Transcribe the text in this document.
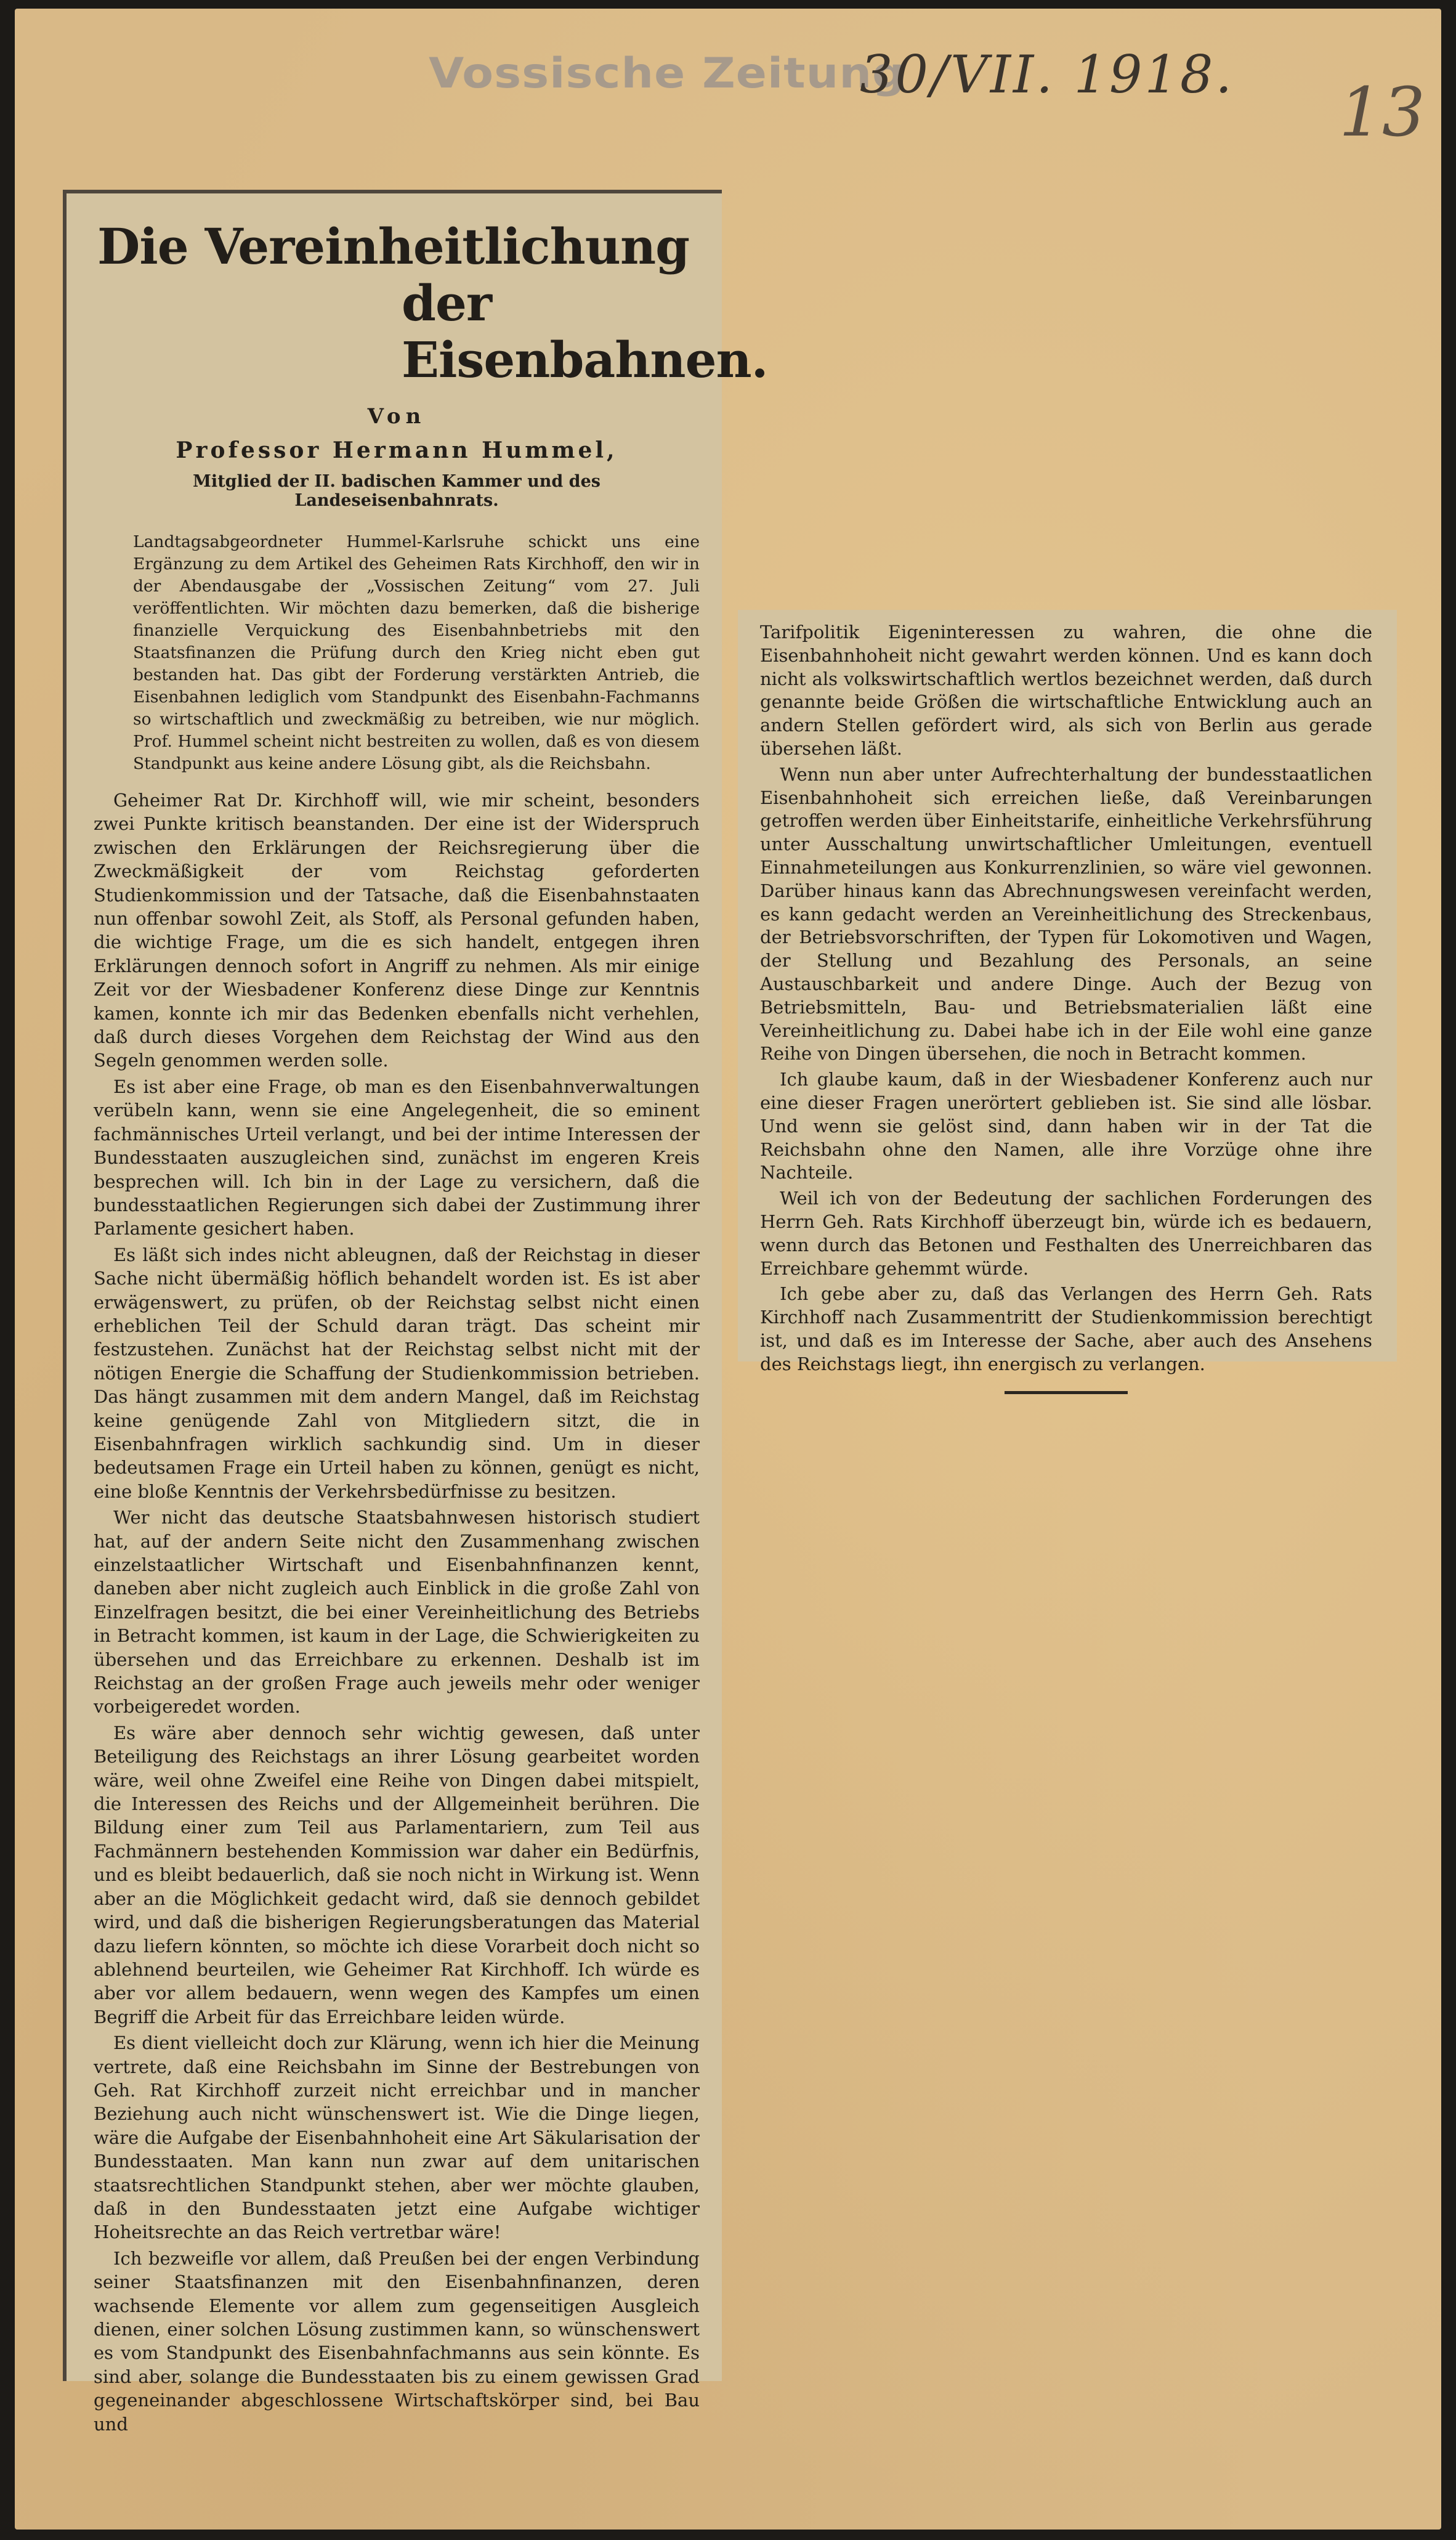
Vossische Zeitung
30/VII. 1918. 13
Die Vereinheitlichung
der Eisenbahnen.
Von
Professor Hermann Hummel,
Mitglied der II. badischen Kammer und des Landeseisenbahnrats.

Landtagsabgeordneter Hummel-Karlsruhe schickt uns eine Ergänzung zu dem Artikel des Geheimen Rats Kirchhoff, den wir in der Abendausgabe der „Vossischen Zeitung“ vom 27. Juli veröffentlichten. Wir möchten dazu bemerken, daß die bisherige finanzielle Verquickung des Eisenbahnbetriebs mit den Staatsfinanzen die Prüfung durch den Krieg nicht eben gut bestanden hat. Das gibt der Forderung verstärkten Antrieb, die Eisenbahnen lediglich vom Standpunkt des Eisenbahn-Fachmanns so wirtschaftlich und zweckmäßig zu betreiben, wie nur möglich. Prof. Hummel scheint nicht bestreiten zu wollen, daß es von diesem Standpunkt aus keine andere Lösung gibt, als die Reichsbahn.

Geheimer Rat Dr. Kirchhoff will, wie mir scheint, besonders zwei Punkte kritisch beanstanden. Der eine ist der Widerspruch zwischen den Erklärungen der Reichsregierung über die Zweckmäßigkeit der vom Reichstag geforderten Studienkommission und der Tatsache, daß die Eisenbahnstaaten nun offenbar sowohl Zeit, als Stoff, als Personal gefunden haben, die wichtige Frage, um die es sich handelt, entgegen ihren Erklärungen dennoch sofort in Angriff zu nehmen. Als mir einige Zeit vor der Wiesbadener Konferenz diese Dinge zur Kenntnis kamen, konnte ich mir das Bedenken ebenfalls nicht verhehlen, daß durch dieses Vorgehen dem Reichstag der Wind aus den Segeln genommen werden solle.

Es ist aber eine Frage, ob man es den Eisenbahnverwaltungen verübeln kann, wenn sie eine Angelegenheit, die so eminent fachmännisches Urteil verlangt, und bei der intime Interessen der Bundesstaaten auszugleichen sind, zunächst im engeren Kreis besprechen will. Ich bin in der Lage zu versichern, daß die bundesstaatlichen Regierungen sich dabei der Zustimmung ihrer Parlamente gesichert haben.

Es läßt sich indes nicht ableugnen, daß der Reichstag in dieser Sache nicht übermäßig höflich behandelt worden ist. Es ist aber erwägenswert, zu prüfen, ob der Reichstag selbst nicht einen erheblichen Teil der Schuld daran trägt. Das scheint mir festzustehen. Zunächst hat der Reichstag selbst nicht mit der nötigen Energie die Schaffung der Studienkommission betrieben. Das hängt zusammen mit dem andern Mangel, daß im Reichstag keine genügende Zahl von Mitgliedern sitzt, die in Eisenbahnfragen wirklich sachkundig sind. Um in dieser bedeutsamen Frage ein Urteil haben zu können, genügt es nicht, eine bloße Kenntnis der Verkehrsbedürfnisse zu besitzen.

Wer nicht das deutsche Staatsbahnwesen historisch studiert hat, auf der andern Seite nicht den Zusammenhang zwischen einzelstaatlicher Wirtschaft und Eisenbahnfinanzen kennt, daneben aber nicht zugleich auch Einblick in die große Zahl von Einzelfragen besitzt, die bei einer Vereinheitlichung des Betriebs in Betracht kommen, ist kaum in der Lage, die Schwierigkeiten zu übersehen und das Erreichbare zu erkennen. Deshalb ist im Reichstag an der großen Frage auch jeweils mehr oder weniger vorbeigeredet worden.

Es wäre aber dennoch sehr wichtig gewesen, daß unter Beteiligung des Reichstags an ihrer Lösung gearbeitet worden wäre, weil ohne Zweifel eine Reihe von Dingen dabei mitspielt, die Interessen des Reichs und der Allgemeinheit berühren. Die Bildung einer zum Teil aus Parlamentariern, zum Teil aus Fachmännern bestehenden Kommission war daher ein Bedürfnis, und es bleibt bedauerlich, daß sie noch nicht in Wirkung ist. Wenn aber an die Möglichkeit gedacht wird, daß sie dennoch gebildet wird, und daß die bisherigen Regierungsberatungen das Material dazu liefern könnten, so möchte ich diese Vorarbeit doch nicht so ablehnend beurteilen, wie Geheimer Rat Kirchhoff. Ich würde es aber vor allem bedauern, wenn wegen des Kampfes um einen Begriff die Arbeit für das Erreichbare leiden würde.

Es dient vielleicht doch zur Klärung, wenn ich hier die Meinung vertrete, daß eine Reichsbahn im Sinne der Bestrebungen von Geh. Rat Kirchhoff zurzeit nicht erreichbar und in mancher Beziehung auch nicht wünschenswert ist. Wie die Dinge liegen, wäre die Aufgabe der Eisenbahnhoheit eine Art Säkularisation der Bundesstaaten. Man kann nun zwar auf dem unitarischen staatsrechtlichen Standpunkt stehen, aber wer möchte glauben, daß in den Bundesstaaten jetzt eine Aufgabe wichtiger Hoheitsrechte an das Reich vertretbar wäre!

Ich bezweifle vor allem, daß Preußen bei der engen Verbindung seiner Staatsfinanzen mit den Eisenbahnfinanzen, deren wachsende Elemente vor allem zum gegenseitigen Ausgleich dienen, einer solchen Lösung zustimmen kann, so wünschenswert es vom Standpunkt des Eisenbahnfachmanns aus sein könnte. Es sind aber, solange die Bundesstaaten bis zu einem gewissen Grad gegeneinander abgeschlossene Wirtschaftskörper sind, bei Bau und

Tarifpolitik Eigeninteressen zu wahren, die ohne die Eisenbahnhoheit nicht gewahrt werden können. Und es kann doch nicht als volkswirtschaftlich wertlos bezeichnet werden, daß durch genannte beide Größen die wirtschaftliche Entwicklung auch an andern Stellen gefördert wird, als sich von Berlin aus gerade übersehen läßt.

Wenn nun aber unter Aufrechterhaltung der bundesstaatlichen Eisenbahnhoheit sich erreichen ließe, daß Vereinbarungen getroffen werden über Einheitstarife, einheitliche Verkehrsführung unter Ausschaltung unwirtschaftlicher Umleitungen, eventuell Einnahmeteilungen aus Konkurrenzlinien, so wäre viel gewonnen. Darüber hinaus kann das Abrechnungswesen vereinfacht werden, es kann gedacht werden an Vereinheitlichung des Streckenbaus, der Betriebsvorschriften, der Typen für Lokomotiven und Wagen, der Stellung und Bezahlung des Personals, an seine Austauschbarkeit und andere Dinge. Auch der Bezug von Betriebsmitteln, Bau- und Betriebsmaterialien läßt eine Vereinheitlichung zu. Dabei habe ich in der Eile wohl eine ganze Reihe von Dingen übersehen, die noch in Betracht kommen.

Ich glaube kaum, daß in der Wiesbadener Konferenz auch nur eine dieser Fragen unerörtert geblieben ist. Sie sind alle lösbar. Und wenn sie gelöst sind, dann haben wir in der Tat die Reichsbahn ohne den Namen, alle ihre Vorzüge ohne ihre Nachteile.

Weil ich von der Bedeutung der sachlichen Forderungen des Herrn Geh. Rats Kirchhoff überzeugt bin, würde ich es bedauern, wenn durch das Betonen und Festhalten des Unerreichbaren das Erreichbare gehemmt würde.

Ich gebe aber zu, daß das Verlangen des Herrn Geh. Rats Kirchhoff nach Zusammentritt der Studienkommission berechtigt ist, und daß es im Interesse der Sache, aber auch des Ansehens des Reichstags liegt, ihn energisch zu verlangen.
